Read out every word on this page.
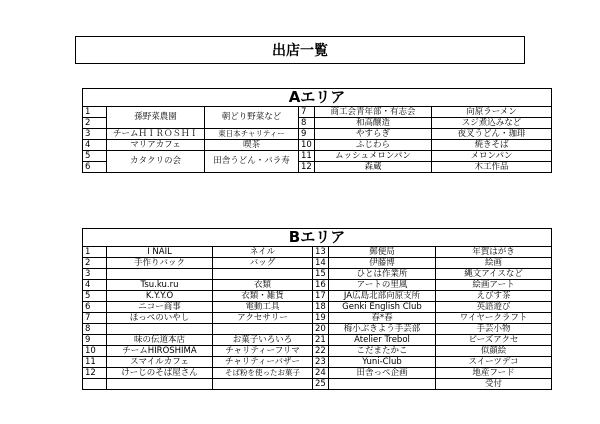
出店一覧
Aエリア					
1	孫野菜農園	朝どり野菜など	7	商工会青年部・有志会	向原ラーメン
2			8	和高醸造	スジ煮込みなど
3	チームＨＩＲＯＳＨＩ	東日本チャリティー	9	やすらぎ	夜叉うどん・珈琲
4	マリアカフェ	喫茶	10	ふじわら	焼きそば
5	カタクリの会	田舎うどん・バラ寿	11	ムッシュメロンパン	メロンパン
6			12	森蔵	木工作品
Bエリア					
1	I NAIL	ネイル	13	郵便局	年賀はがき
2	手作りバック	バッグ	14	伊藤博	絵画
3			15	ひとは作業所	縄文アイスなど
4	Tsu.ku.ru	衣類	16	アートの里風	絵画アート
5	K.Y.Y.O	衣類・雑貨	17	JA広島北部向原支所	えびす茶
6	ニコー商事	電動工具	18	Genki English Club	英語遊び
7	ほっぺのいやし	アクセサリー	19	春*春	ワイヤークラフト
8			20	梅小ぶきよう手芸部	手芸小物
9	味の伝道本店	お菓子いろいろ	21	Atelier Trebol	ビーズアクセ
10	チームHIROSHIMA	チャリティーフリマ	22	こだまたかこ	似顔絵
11	スマイルカフェ	チャリティーバザー	23	Yuni-Club	スイーツデコ
12	けーじのそば屋さん	そば粉を使ったお菓子	24	田舎っぺ企画	地産フード
			25		受付
